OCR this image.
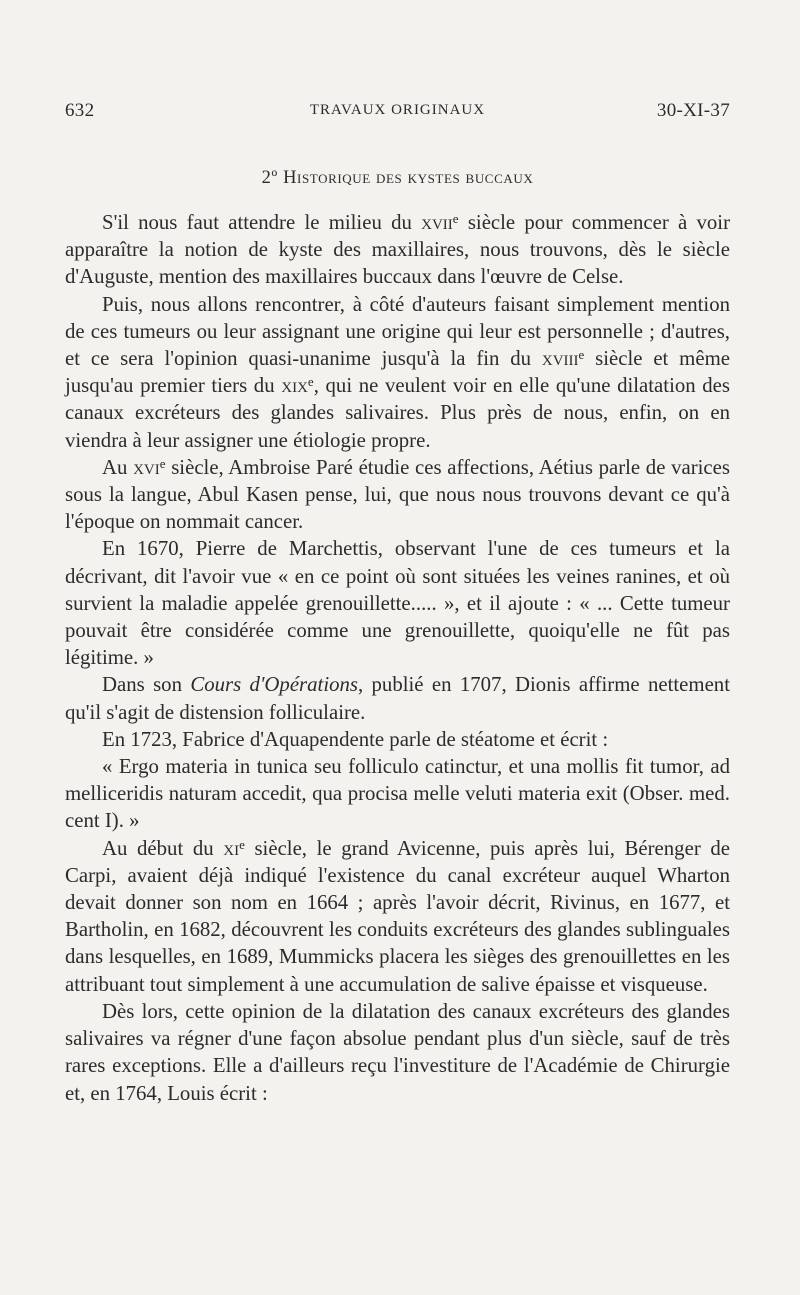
632	TRAVAUX ORIGINAUX	30-XI-37
2º Historique des kystes buccaux

S'il nous faut attendre le milieu du xvii$^e$ siècle pour commencer à voir apparaître la notion de kyste des maxillaires, nous trouvons, dès le siècle d'Auguste, mention des maxillaires buccaux dans l'œuvre de Celse.

Puis, nous allons rencontrer, à côté d'auteurs faisant simplement mention de ces tumeurs ou leur assignant une origine qui leur est personnelle ; d'autres, et ce sera l'opinion quasi-unanime jusqu'à la fin du xviii$^e$ siècle et même jusqu'au premier tiers du xix$^e$, qui ne veulent voir en elle qu'une dilatation des canaux excréteurs des glandes salivaires. Plus près de nous, enfin, on en viendra à leur assigner une étiologie propre.

Au xvi$^e$ siècle, Ambroise Paré étudie ces affections, Aétius parle de varices sous la langue, Abul Kasen pense, lui, que nous nous trouvons devant ce qu'à l'époque on nommait cancer.

En 1670, Pierre de Marchettis, observant l'une de ces tumeurs et la décrivant, dit l'avoir vue « en ce point où sont situées les veines ranines, et où survient la maladie appelée grenouillette..... », et il ajoute : « ... Cette tumeur pouvait être considérée comme une grenouillette, quoiqu'elle ne fût pas légitime. »

Dans son Cours d'Opérations, publié en 1707, Dionis affirme nettement qu'il s'agit de distension folliculaire.

En 1723, Fabrice d'Aquapendente parle de stéatome et écrit :

« Ergo materia in tunica seu folliculo catinctur, et una mollis fit tumor, ad melliceridis naturam accedit, qua procisa melle veluti materia exit (Obser. med. cent I). »

Au début du $xi^e$ siècle, le grand Avicenne, puis après lui, Bérenger de Carpi, avaient déjà indiqué l'existence du canal excréteur auquel Wharton devait donner son nom en 1664 ; après l'avoir décrit, Rivinus, en 1677, et Bartholin, en 1682, découvrent les conduits excréteurs des glandes sublinguales dans lesquelles, en 1689, Mummicks placera les sièges des grenouillettes en les attribuant tout simplement à une accumulation de salive épaisse et visqueuse.

Dès lors, cette opinion de la dilatation des canaux excréteurs des glandes salivaires va régner d'une façon absolue pendant plus d'un siècle, sauf de très rares exceptions. Elle a d'ailleurs reçu l'investiture de l'Académie de Chirurgie et, en 1764, Louis écrit :
